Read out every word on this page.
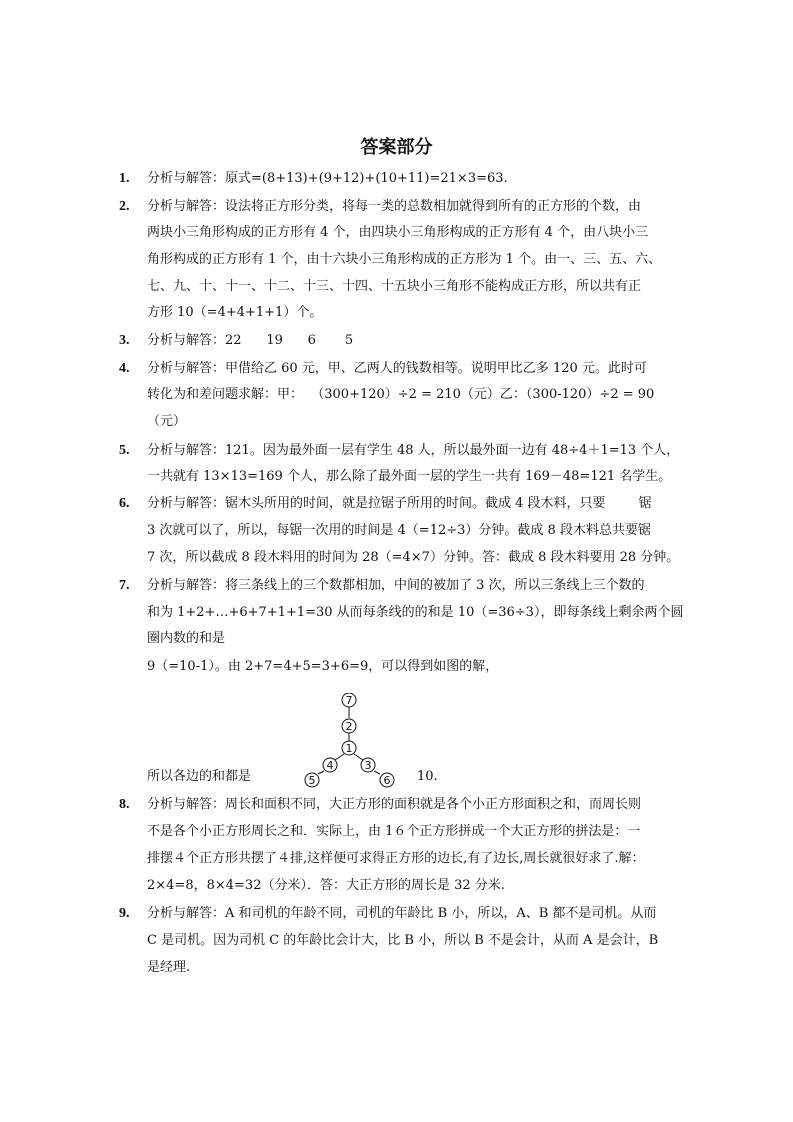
答案部分
1. 分析与解答：原式=(8+13)+(9+12)+(10+11)=21×3=63.
2. 分析与解答：设法将正方形分类，将每一类的总数相加就得到所有的正方形的个数，由
两块小三角形构成的正方形有 4 个，由四块小三角形构成的正方形有 4 个，由八块小三
角形构成的正方形有 1 个，由十六块小三角形构成的正方形为 1 个。由一、三、五、六、
七、九、十、十一、十二、十三、十四、十五块小三角形不能构成正方形，所以共有正
方形 10（=4+4+1+1）个。
3. 分析与解答：22      19      6       5
4. 分析与解答：甲借给乙 60 元，甲、乙两人的钱数相等。说明甲比乙多 120 元。此时可
转化为和差问题求解：甲：  （300+120）÷2 = 210（元）乙：（300-120）÷2 = 90
（元）
5. 分析与解答：121。因为最外面一层有学生 48 人，所以最外面一边有 48÷4＋1=13 个人，
一共就有 13×13=169 个人，那么除了最外面一层的学生一共有 169－48=121 名学生。
6. 分析与解答：锯木头所用的时间，就是拉锯子所用的时间。截成 4 段木料，只要        锯
3 次就可以了，所以，每锯一次用的时间是 4（=12÷3）分钟。截成 8 段木料总共要锯
7 次，所以截成 8 段木料用的时间为 28（=4×7）分钟。答：截成 8 段木料要用 28 分钟。
7. 分析与解答：将三条线上的三个数都相加，中间的被加了 3 次，所以三条线上三个数的
和为 1+2+…+6+7+1+1=30 从而每条线的的和是 10（=36÷3），即每条线上剩余两个圆
圈内数的和是
9（=10-1）。由 2+7=4+5=3+6=9，可以得到如图的解，
所以各边的和都是	10.
7
2
1
4	3
5	6
8. 分析与解答：周长和面积不同，大正方形的面积就是各个小正方形面积之和，而周长则
不是各个小正方形周长之和．实际上，由 1６个正方形拼成一个大正方形的拼法是：一
排摆４个正方形共摆了４排,这样便可求得正方形的边长,有了边长,周长就很好求了.解：
2×4=8，8×4=32（分米）．答：大正方形的周长是 32 分米.
9. 分析与解答：A 和司机的年龄不同，司机的年龄比 B 小，所以，A、B 都不是司机。从而
C 是司机。因为司机 C 的年龄比会计大，比 B 小，所以 B 不是会计，从而 A 是会计，B
是经理.
